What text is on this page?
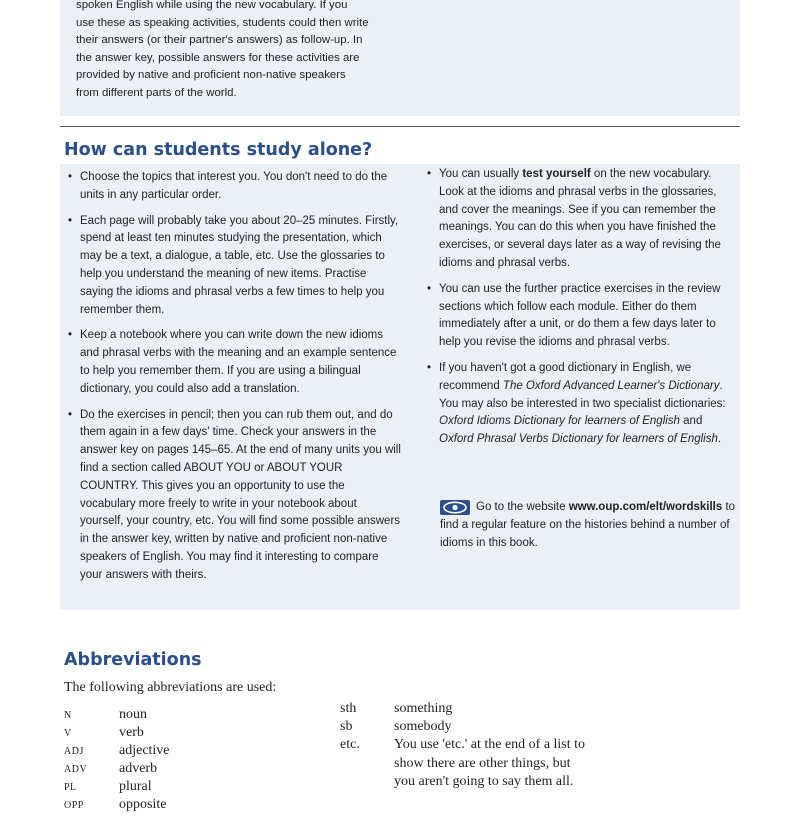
spoken English while using the new vocabulary. If you
use these as speaking activities, students could then write
their answers (or their partner's answers) as follow-up. In
the answer key, possible answers for these activities are
provided by native and proficient non-native speakers
from different parts of the world.

How can students study alone?
• Choose the topics that interest you. You don't need to do the units in any particular order.
• Each page will probably take you about 20–25 minutes. Firstly, spend at least ten minutes studying the presentation, which may be a text, a dialogue, a table, etc. Use the glossaries to help you understand the meaning of new items. Practise saying the idioms and phrasal verbs a few times to help you remember them.
• Keep a notebook where you can write down the new idioms and phrasal verbs with the meaning and an example sentence to help you remember them. If you are using a bilingual dictionary, you could also add a translation.
• Do the exercises in pencil; then you can rub them out, and do them again in a few days' time. Check your answers in the answer key on pages 145–65. At the end of many units you will find a section called ABOUT YOU or ABOUT YOUR COUNTRY. This gives you an opportunity to use the vocabulary more freely to write in your notebook about yourself, your country, etc. You will find some possible answers in the answer key, written by native and proficient non-native speakers of English. You may find it interesting to compare your answers with theirs.
• You can usually test yourself on the new vocabulary. Look at the idioms and phrasal verbs in the glossaries, and cover the meanings. See if you can remember the meanings. You can do this when you have finished the exercises, or several days later as a way of revising the idioms and phrasal verbs.
• You can use the further practice exercises in the review sections which follow each module. Either do them immediately after a unit, or do them a few days later to help you revise the idioms and phrasal verbs.
• If you haven't got a good dictionary in English, we recommend The Oxford Advanced Learner's Dictionary. You may also be interested in two specialist dictionaries: Oxford Idioms Dictionary for learners of English and Oxford Phrasal Verbs Dictionary for learners of English.

Go to the website www.oup.com/elt/wordskills to find a regular feature on the histories behind a number of idioms in this book.

Abbreviations

The following abbreviations are used:

N	noun
V	verb
ADJ	adjective
ADV adverb
PL	plural
OPP	opposite
sth	something
sb	somebody
etc.	You use 'etc.' at the end of a list to show there are other things, but you aren't going to say them all.
